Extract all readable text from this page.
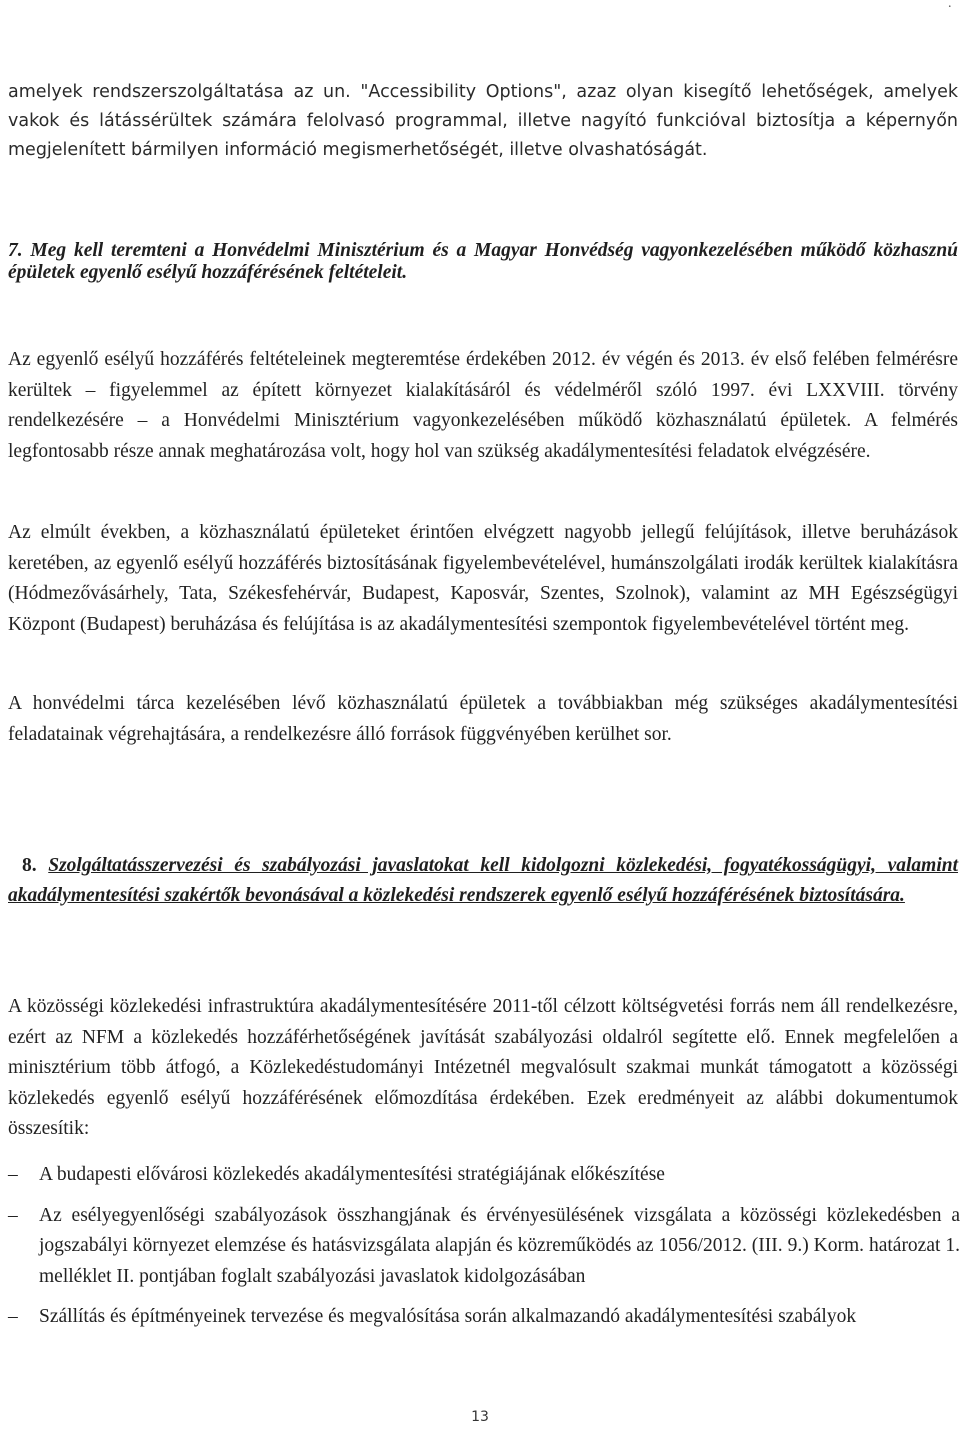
.

amelyek rendszerszolgáltatása az un. "Accessibility Options", azaz olyan kisegítő lehetőségek, amelyek vakok és látássérültek számára felolvasó programmal, illetve nagyító funkcióval biztosítja a képernyőn megjelenített bármilyen információ megismerhetőségét, illetve olvashatóságát.

7. Meg kell teremteni a Honvédelmi Minisztérium és a Magyar Honvédség vagyonkezelésében működő közhasznú épületek egyenlő esélyű hozzáférésének feltételeit.

Az egyenlő esélyű hozzáférés feltételeinek megteremtése érdekében 2012. év végén és 2013. év első felében felmérésre kerültek – figyelemmel az épített környezet kialakításáról és védelméről szóló 1997. évi LXXVIII. törvény rendelkezésére – a Honvédelmi Minisztérium vagyonkezelésében működő közhasználatú épületek. A felmérés legfontosabb része annak meghatározása volt, hogy hol van szükség akadálymentesítési feladatok elvégzésére.

Az elmúlt években, a közhasználatú épületeket érintően elvégzett nagyobb jellegű felújítások, illetve beruházások keretében, az egyenlő esélyű hozzáférés biztosításának figyelembevételével, humánszolgálati irodák kerültek kialakításra (Hódmezővásárhely, Tata, Székesfehérvár, Budapest, Kaposvár, Szentes, Szolnok), valamint az MH Egészségügyi Központ (Budapest) beruházása és felújítása is az akadálymentesítési szempontok figyelembevételével történt meg.

A honvédelmi tárca kezelésében lévő közhasználatú épületek a továbbiakban még szükséges akadálymentesítési feladatainak végrehajtására, a rendelkezésre álló források függvényében kerülhet sor.

8. Szolgáltatásszervezési és szabályozási javaslatokat kell kidolgozni közlekedési, fogyatékosságügyi, valamint akadálymentesítési szakértők bevonásával a közlekedési rendszerek egyenlő esélyű hozzáférésének biztosítására.

A közösségi közlekedési infrastruktúra akadálymentesítésére 2011-től célzott költségvetési forrás nem áll rendelkezésre, ezért az NFM a közlekedés hozzáférhetőségének javítását szabályozási oldalról segítette elő. Ennek megfelelően a minisztérium több átfogó, a Közlekedéstudományi Intézetnél megvalósult szakmai munkát támogatott a közösségi közlekedés egyenlő esélyű hozzáférésének előmozdítása érdekében. Ezek eredményeit az alábbi dokumentumok összesítik:

– A budapesti elővárosi közlekedés akadálymentesítési stratégiájának előkészítése
– Az esélyegyenlőségi szabályozások összhangjának és érvényesülésének vizsgálata a közösségi közlekedésben a jogszabályi környezet elemzése és hatásvizsgálata alapján és közreműködés az 1056/2012. (III. 9.) Korm. határozat 1. melléklet II. pontjában foglalt szabályozási javaslatok kidolgozásában
– Szállítás és építményeinek tervezése és megvalósítása során alkalmazandó akadálymentesítési szabályok
13
